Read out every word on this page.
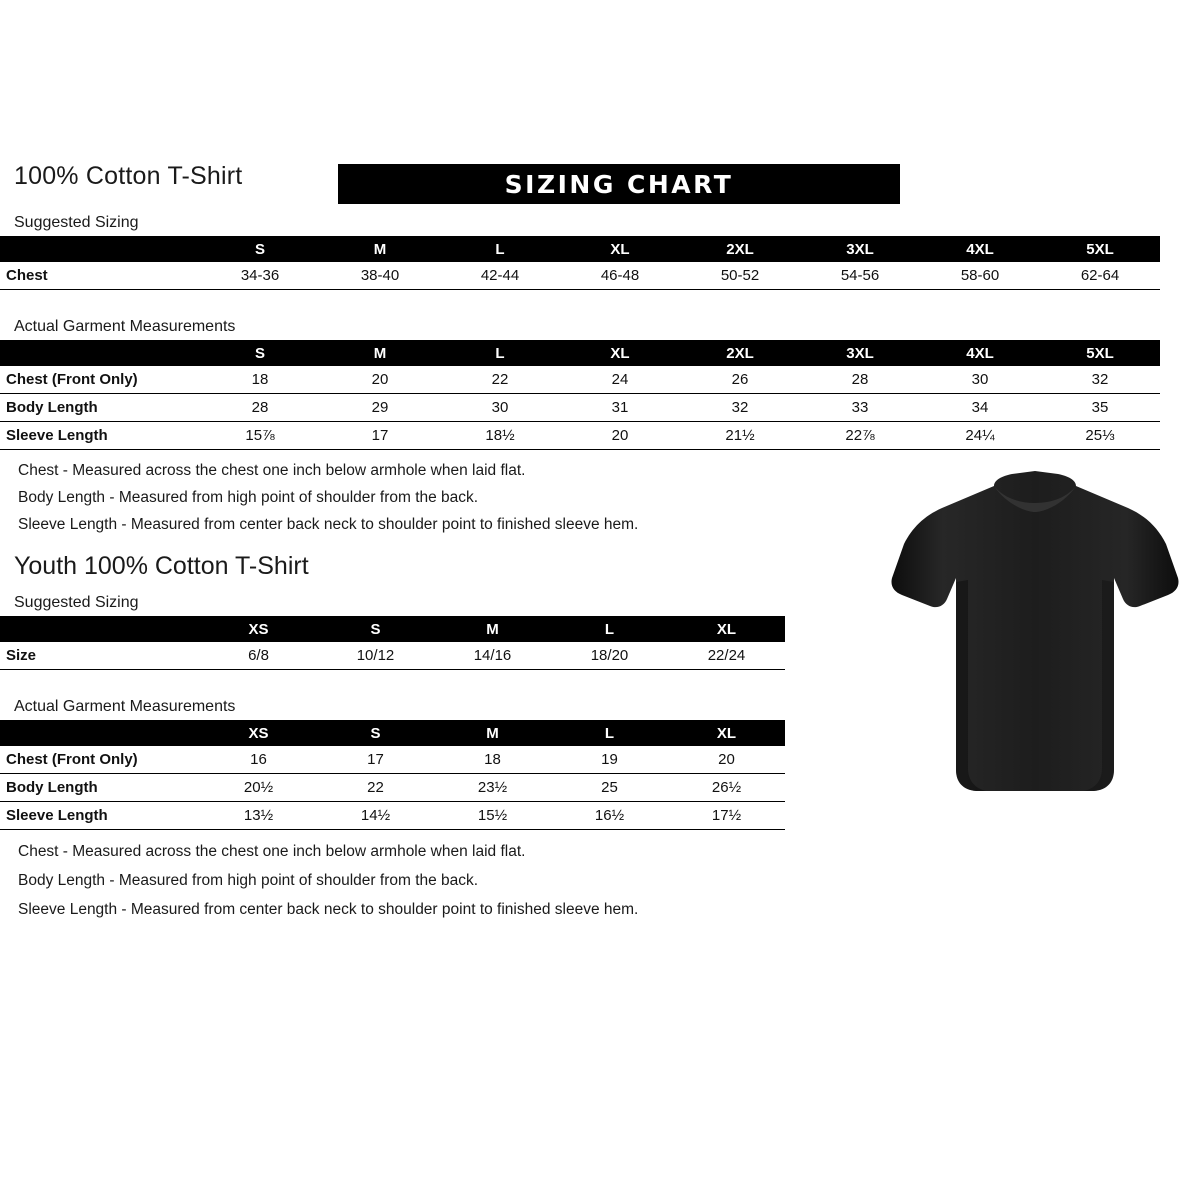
100% Cotton T-Shirt	SIZING CHART
Suggested Sizing
	S	M	L	XL	2XL	3XL	4XL	5XL
Chest	34-36	38-40	42-44	46-48	50-52	54-56	58-60	62-64
Actual Garment Measurements
	S	M	L	XL	2XL	3XL	4XL	5XL
Chest (Front Only)	18	20	22	24	26	28	30	32
Body Length	28	29	30	31	32	33	34	35
Sleeve Length	15⅞	17	18½	20	21½	22⅞	24¼	25⅓
Chest - Measured across the chest one inch below armhole when laid flat.
Body Length - Measured from high point of shoulder from the back.
Sleeve Length - Measured from center back neck to shoulder point to finished sleeve hem.
Youth 100% Cotton T-Shirt
Suggested Sizing
	XS	S	M	L	XL
Size	6/8	10/12	14/16	18/20	22/24
Actual Garment Measurements
	XS	S	M	L	XL
Chest (Front Only)	16	17	18	19	20
Body Length	20½	22	23½	25	26½
Sleeve Length	13½	14½	15½	16½	17½
Chest - Measured across the chest one inch below armhole when laid flat.
Body Length - Measured from high point of shoulder from the back.
Sleeve Length - Measured from center back neck to shoulder point to finished sleeve hem.
